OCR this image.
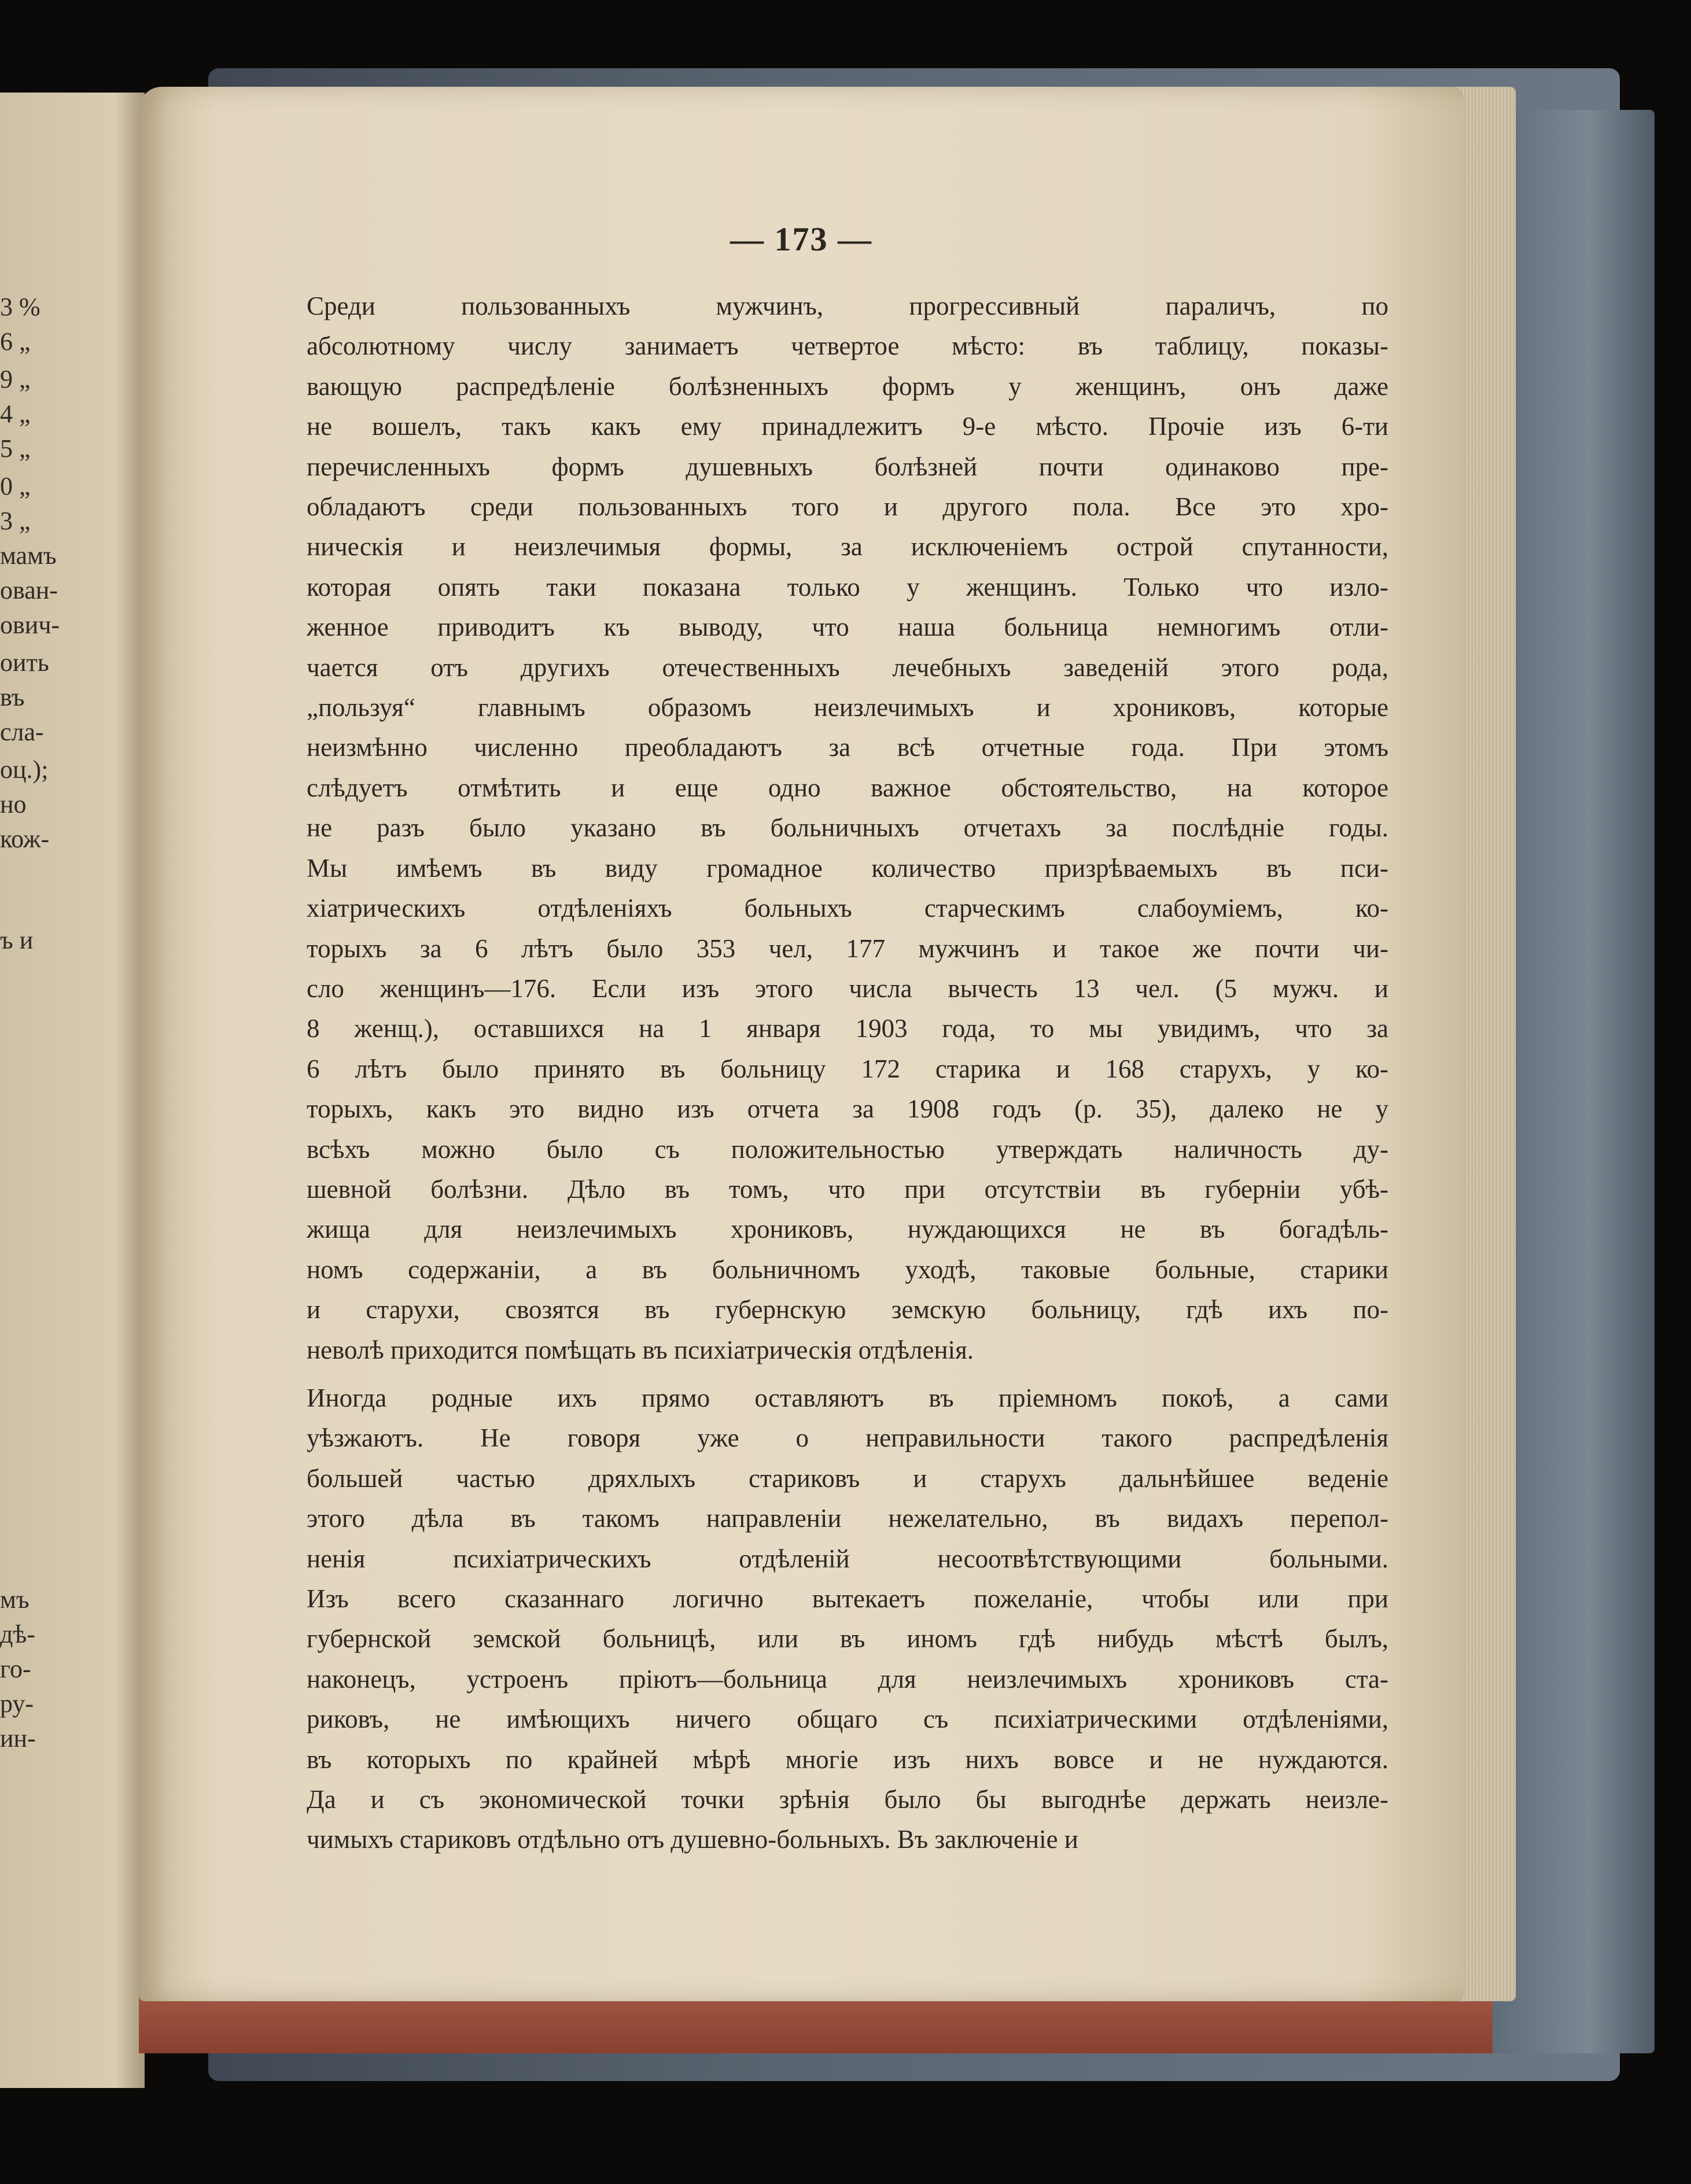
3 %
6 „
9 „
4 „
5 „
0 „
3 „
мамъ
ован-
ович-
оить
въ
сла-
оц.);
но
кож-
ъ и
мъ
дѣ-
го-
ру-
ин-
— 173 —

Среди пользованныхъ мужчинъ, прогрессивный параличъ, по
абсолютному числу занимаетъ четвертое мѣсто: въ таблицу, показы-
вающую распредѣленіе болѣзненныхъ формъ у женщинъ, онъ даже
не вошелъ, такъ какъ ему принадлежитъ 9-е мѣсто. Прочіе изъ 6-ти
перечисленныхъ формъ душевныхъ болѣзней почти одинаково пре-
обладаютъ среди пользованныхъ того и другого пола. Все это хро-
ническія и неизлечимыя формы, за исключеніемъ острой спутанности,
которая опять таки показана только у женщинъ. Только что изло-
женное приводитъ къ выводу, что наша больница немногимъ отли-
чается отъ другихъ отечественныхъ лечебныхъ заведеній этого рода,
„пользуя“ главнымъ образомъ неизлечимыхъ и хрониковъ, которые
неизмѣнно численно преобладаютъ за всѣ отчетные года. При этомъ
слѣдуетъ отмѣтить и еще одно важное обстоятельство, на которое
не разъ было указано въ больничныхъ отчетахъ за послѣдніе годы.
Мы имѣемъ въ виду громадное количество призрѣваемыхъ въ пси-
хіатрическихъ отдѣленіяхъ больныхъ старческимъ слабоуміемъ, ко-
торыхъ за 6 лѣтъ было 353 чел, 177 мужчинъ и такое же почти чи-
сло женщинъ—176. Если изъ этого числа вычесть 13 чел. (5 мужч. и
8 женщ.), оставшихся на 1 января 1903 года, то мы увидимъ, что за
6 лѣтъ было принято въ больницу 172 старика и 168 старухъ, у ко-
торыхъ, какъ это видно изъ отчета за 1908 годъ (р. 35), далеко не у
всѣхъ можно было съ положительностью утверждать наличность ду-
шевной болѣзни. Дѣло въ томъ, что при отсутствіи въ губерніи убѣ-
жища для неизлечимыхъ хрониковъ, нуждающихся не въ богадѣль-
номъ содержаніи, а въ больничномъ уходѣ, таковые больные, старики
и старухи, свозятся въ губернскую земскую больницу, гдѣ ихъ по-
неволѣ приходится помѣщать въ психіатрическія отдѣленія.

Иногда родные ихъ прямо оставляютъ въ пріемномъ покоѣ, а сами
уѣзжаютъ. Не говоря уже о неправильности такого распредѣленія
большей частью дряхлыхъ стариковъ и старухъ дальнѣйшее веденіе
этого дѣла въ такомъ направленіи нежелательно, въ видахъ перепол-
ненія психіатрическихъ отдѣленій несоотвѣтствующими больными.
Изъ всего сказаннаго логично вытекаетъ пожеланіе, чтобы или при
губернской земской больницѣ, или въ иномъ гдѣ нибудь мѣстѣ былъ,
наконецъ, устроенъ пріютъ—больница для неизлечимыхъ хрониковъ ста-
риковъ, не имѣющихъ ничего общаго съ психіатрическими отдѣленіями,
въ которыхъ по крайней мѣрѣ многіе изъ нихъ вовсе и не нуждаются.
Да и съ экономической точки зрѣнія было бы выгоднѣе держать неизле-
чимыхъ стариковъ отдѣльно отъ душевно-больныхъ. Въ заключеніе и
